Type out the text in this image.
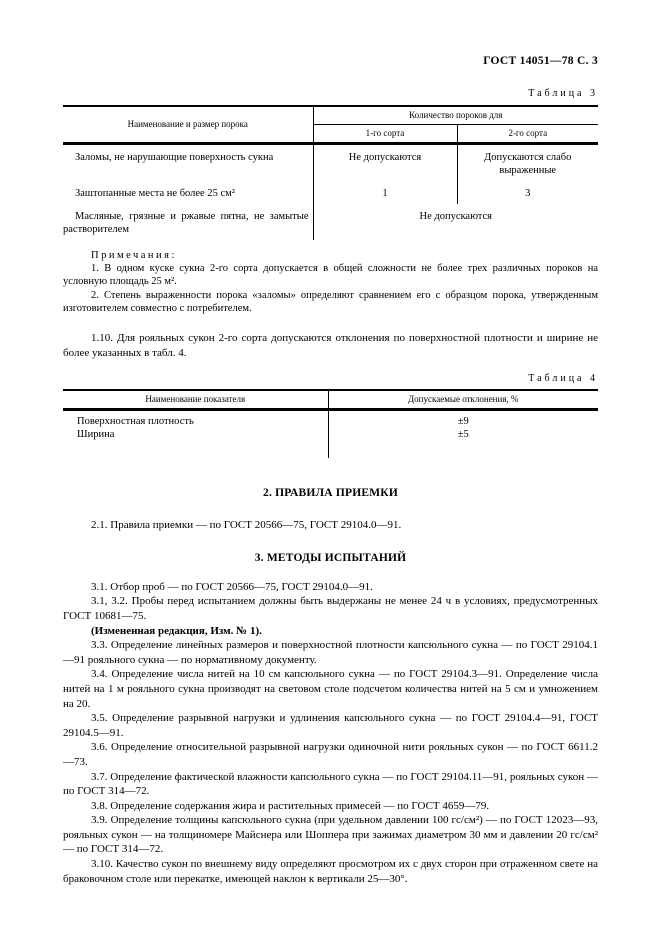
ГОСТ 14051—78 С. 3
Таблица 3
Наименование и размер порока	Количество пороков для	
	1-го сорта	2-го сорта
Заломы, не нарушающие поверхность сукна	Не допускаются	Допускаются слабо выраженные
Заштопанные места не более 25 см²	1	3
Масляные, грязные и ржавые пятна, не замытые растворителем	Не допускаются	
Примечания:
1. В одном куске сукна 2-го сорта допускается в общей сложности не более трех различных пороков на условную площадь 25 м².
2. Степень выраженности порока «заломы» определяют сравнением его с образцом порока, утвержденным изготовителем совместно с потребителем.

1.10. Для рояльных сукон 2-го сорта допускаются отклонения по поверхностной плотности и ширине не более указанных в табл. 4.

Таблица 4
Наименование показателя	Допускаемые отклонения, %
Поверхностная плотность	±9
Ширина	±5

2. ПРАВИЛА ПРИЕМКИ

2.1. Правила приемки — по ГОСТ 20566—75, ГОСТ 29104.0—91.

3. МЕТОДЫ ИСПЫТАНИЙ

3.1. Отбор проб — по ГОСТ 20566—75, ГОСТ 29104.0—91.

3.1, 3.2. Пробы перед испытанием должны быть выдержаны не менее 24 ч в условиях, предусмотренных ГОСТ 10681—75.

(Измененная редакция, Изм. № 1).

3.3. Определение линейных размеров и поверхностной плотности капсюльного сукна — по ГОСТ 29104.1—91 рояльного сукна — по нормативному документу.

3.4. Определение числа нитей на 10 см капсюльного сукна — по ГОСТ 29104.3—91. Определение числа нитей на 1 м рояльного сукна производят на световом столе подсчетом количества нитей на 5 см и умножением на 20.

3.5. Определение разрывной нагрузки и удлинения капсюльного сукна — по ГОСТ 29104.4—91, ГОСТ 29104.5—91.

3.6. Определение относительной разрывной нагрузки одиночной нити рояльных сукон — по ГОСТ 6611.2—73.

3.7. Определение фактической влажности капсюльного сукна — по ГОСТ 29104.11—91, рояльных сукон — по ГОСТ 314—72.

3.8. Определение содержания жира и растительных примесей — по ГОСТ 4659—79.

3.9. Определение толщины капсюльного сукна (при удельном давлении 100 гс/см²) — по ГОСТ 12023—93, рояльных сукон — на толщиномере Майснера или Шоппера при зажимах диаметром 30 мм и давлении 20 гс/см² — по ГОСТ 314—72.

3.10. Качество сукон по внешнему виду определяют просмотром их с двух сторон при отраженном свете на браковочном столе или перекатке, имеющей наклон к вертикали 25—30°.
